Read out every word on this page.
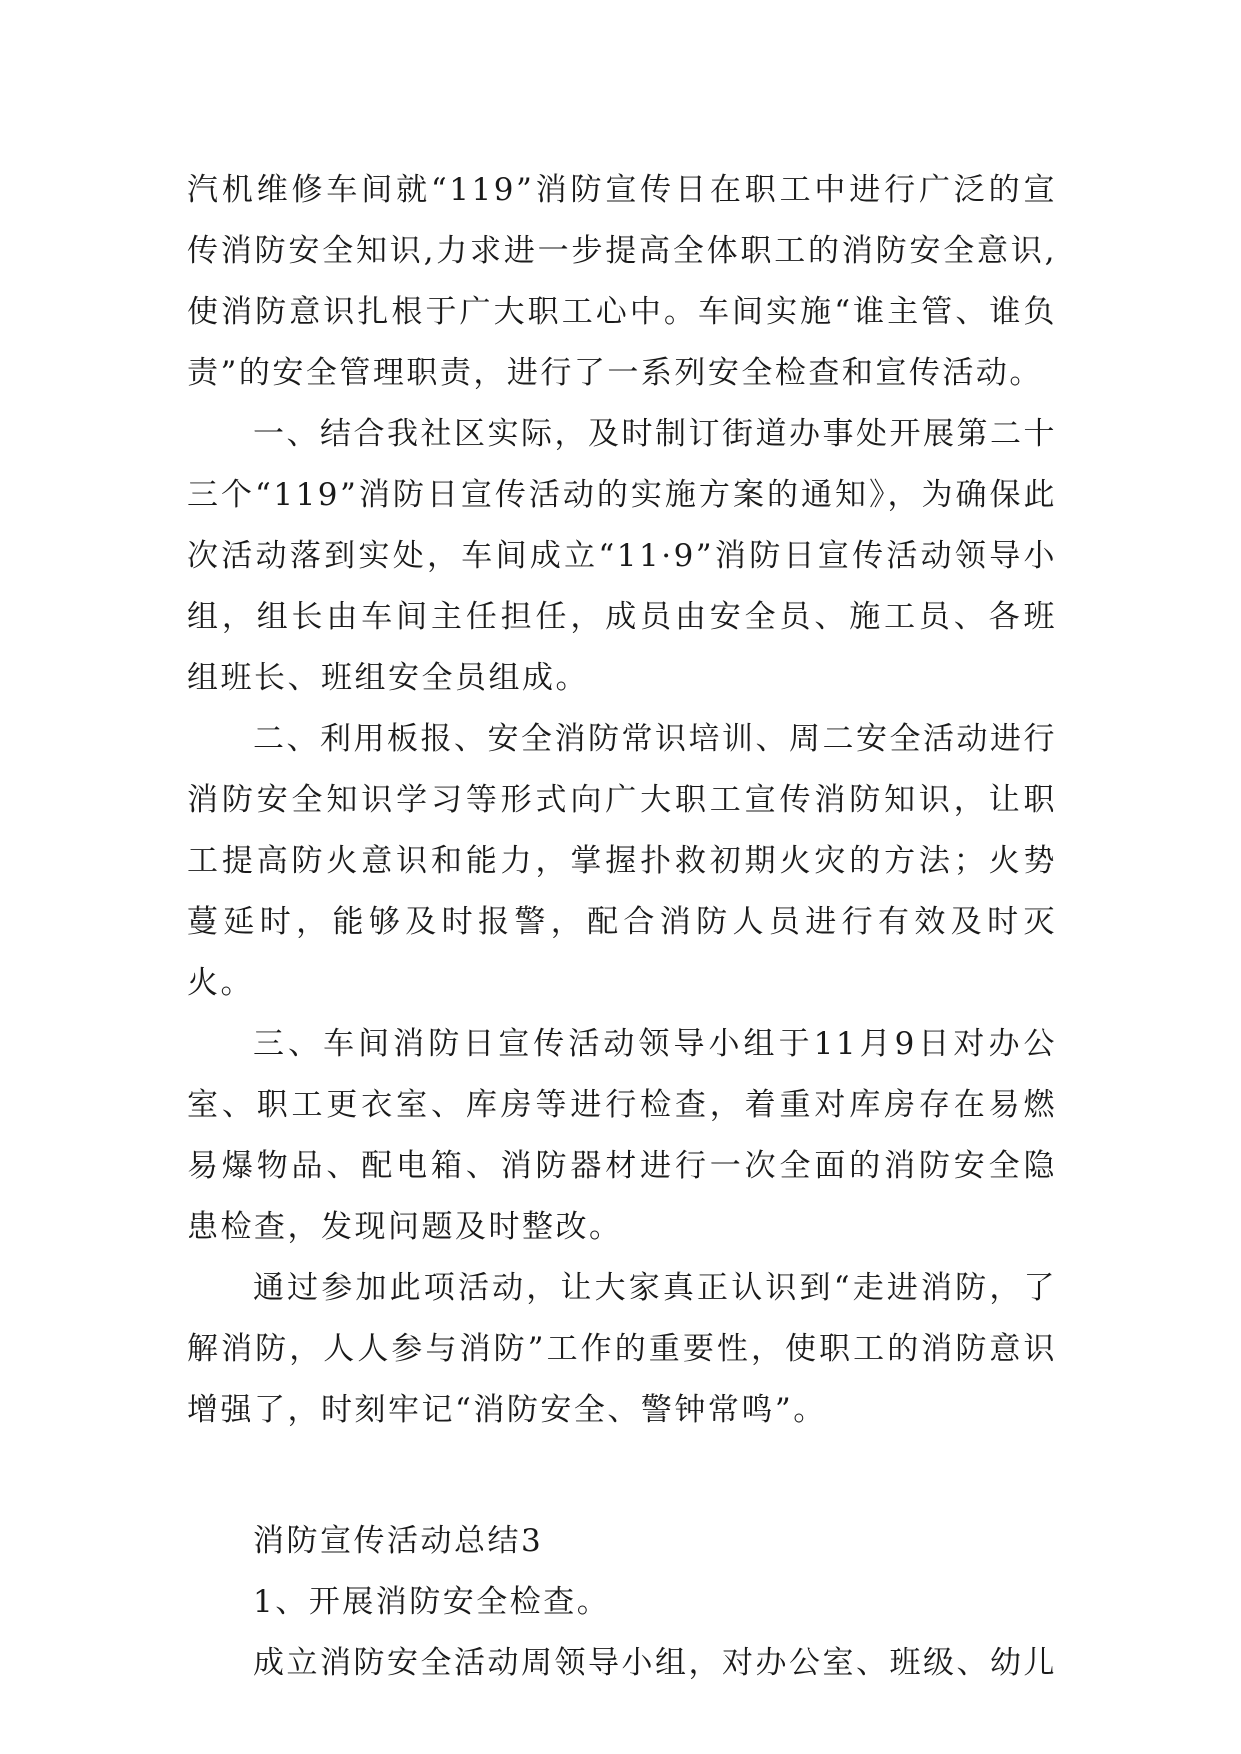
汽机维修车间就“119”消防宣传日在职工中进行广泛的宣传消防安全知识,力求进一步提高全体职工的消防安全意识,使消防意识扎根于广大职工心中。车间实施“谁主管、谁负责”的安全管理职责，进行了一系列安全检查和宣传活动。

一、结合我社区实际，及时制订街道办事处开展第二十三个“119”消防日宣传活动的实施方案的通知》，为确保此次活动落到实处，车间成立“11·9”消防日宣传活动领导小组，组长由车间主任担任，成员由安全员、施工员、各班组班长、班组安全员组成。

二、利用板报、安全消防常识培训、周二安全活动进行消防安全知识学习等形式向广大职工宣传消防知识，让职工提高防火意识和能力，掌握扑救初期火灾的方法；火势蔓延时，能够及时报警，配合消防人员进行有效及时灭火。

三、车间消防日宣传活动领导小组于11月9日对办公室、职工更衣室、库房等进行检查，着重对库房存在易燃易爆物品、配电箱、消防器材进行一次全面的消防安全隐患检查，发现问题及时整改。

通过参加此项活动，让大家真正认识到“走进消防，了解消防，人人参与消防”工作的重要性，使职工的消防意识增强了，时刻牢记“消防安全、警钟常鸣”。

消防宣传活动总结3

1、开展消防安全检查。

成立消防安全活动周领导小组，对办公室、班级、幼儿
